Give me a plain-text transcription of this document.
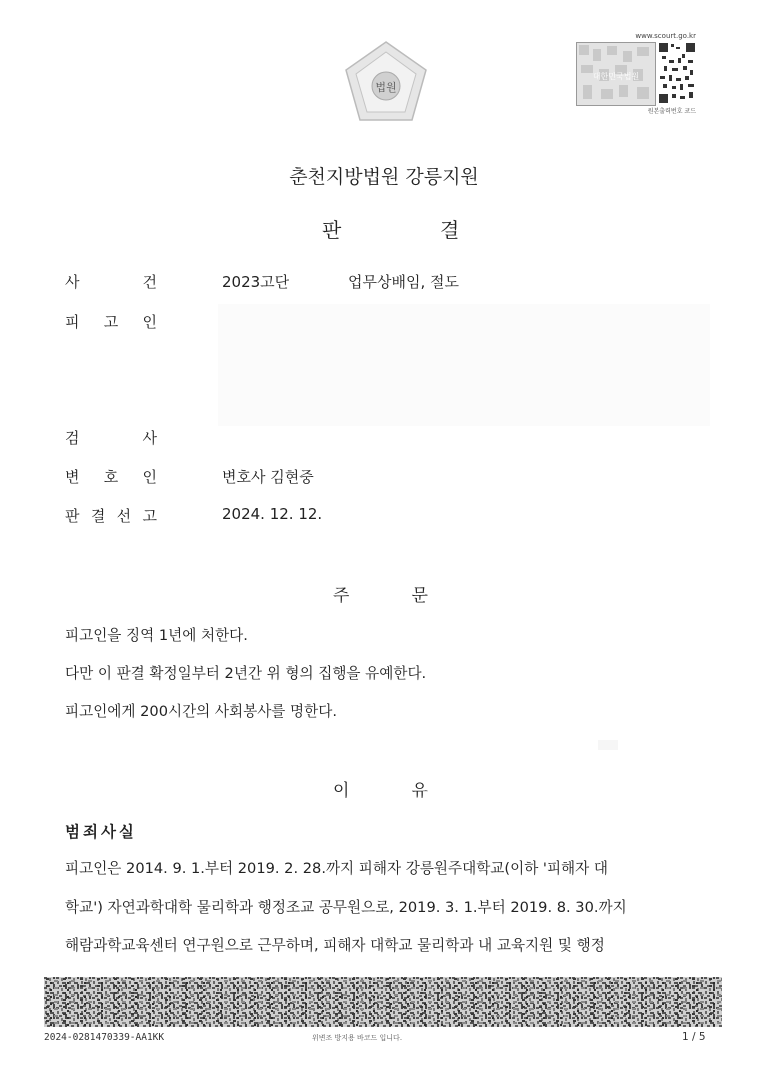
법원
www.scourt.go.kr
대한민국법원
원본출력번호 코드
춘천지방법원 강릉지원
판	결
사	건	2023고단	업무상배임, 절도
피 고 인
검	사
변 호 인	변호사 김현중
판 결 선 고	2024. 12. 12.
주	문
피고인을 징역 1년에 처한다.
다만 이 판결 확정일부터 2년간 위 형의 집행을 유예한다.
피고인에게 200시간의 사회봉사를 명한다.
이	유
범죄사실
피고인은 2014. 9. 1.부터 2019. 2. 28.까지 피해자 강릉원주대학교(이하 '피해자 대
학교') 자연과학대학 물리학과 행정조교 공무원으로, 2019. 3. 1.부터 2019. 8. 30.까지
해람과학교육센터 연구원으로 근무하며, 피해자 대학교 물리학과 내 교육지원 및 행정
2024-0281470339-AA1KK	위변조 방지용 바코드 입니다.	1 / 5
대한민국법원
